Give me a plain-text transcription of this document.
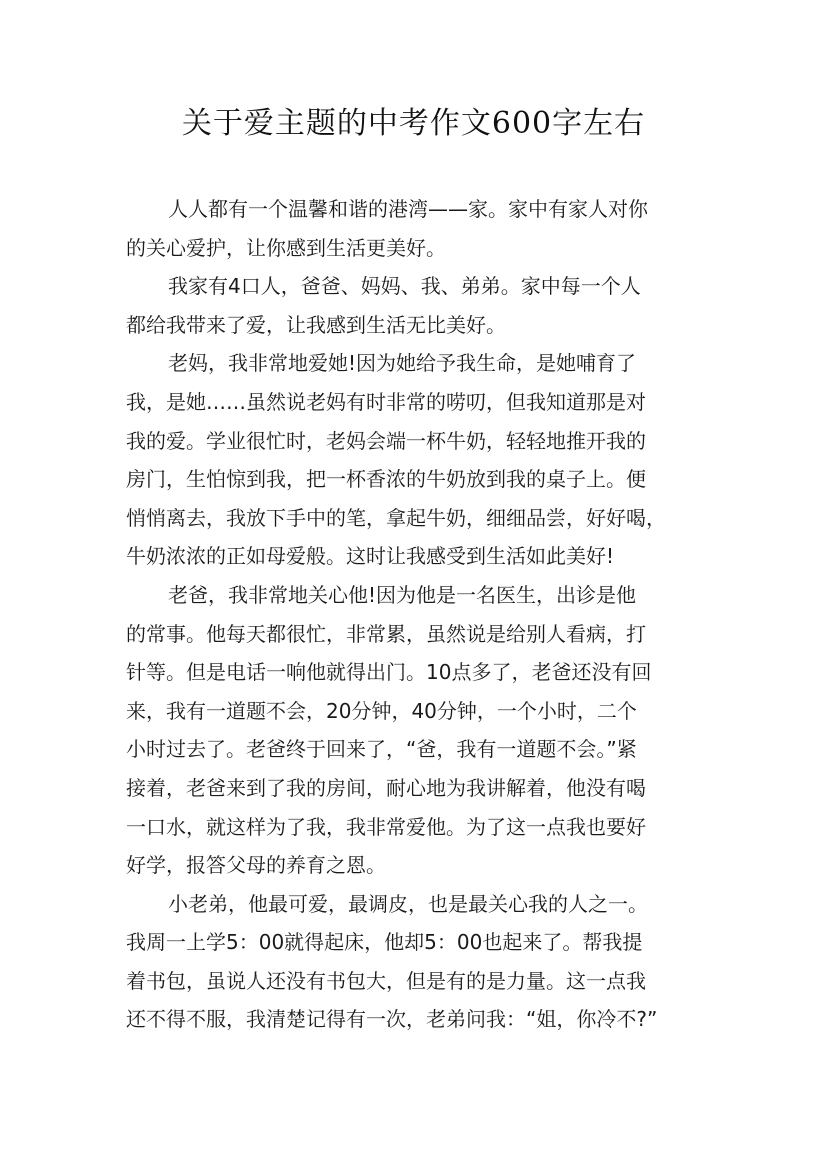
关于爱主题的中考作文600字左右

人人都有一个温馨和谐的港湾——家。家中有家人对你

的关心爱护，让你感到生活更美好。

我家有4口人，爸爸、妈妈、我、弟弟。家中每一个人

都给我带来了爱，让我感到生活无比美好。

老妈，我非常地爱她!因为她给予我生命，是她哺育了

我，是她……虽然说老妈有时非常的唠叨，但我知道那是对

我的爱。学业很忙时，老妈会端一杯牛奶，轻轻地推开我的

房门，生怕惊到我，把一杯香浓的牛奶放到我的桌子上。便

悄悄离去，我放下手中的笔，拿起牛奶，细细品尝，好好喝，

牛奶浓浓的正如母爱般。这时让我感受到生活如此美好!

老爸，我非常地关心他!因为他是一名医生，出诊是他

的常事。他每天都很忙，非常累，虽然说是给别人看病，打

针等。但是电话一响他就得出门。10点多了，老爸还没有回

来，我有一道题不会，20分钟，40分钟，一个小时，二个

小时过去了。老爸终于回来了，“爸，我有一道题不会。”紧

接着，老爸来到了我的房间，耐心地为我讲解着，他没有喝

一口水，就这样为了我，我非常爱他。为了这一点我也要好

好学，报答父母的养育之恩。

小老弟，他最可爱，最调皮，也是最关心我的人之一。

我周一上学5：00就得起床，他却5：00也起来了。帮我提

着书包，虽说人还没有书包大，但是有的是力量。这一点我

还不得不服，我清楚记得有一次，老弟问我：“姐，你冷不?”
